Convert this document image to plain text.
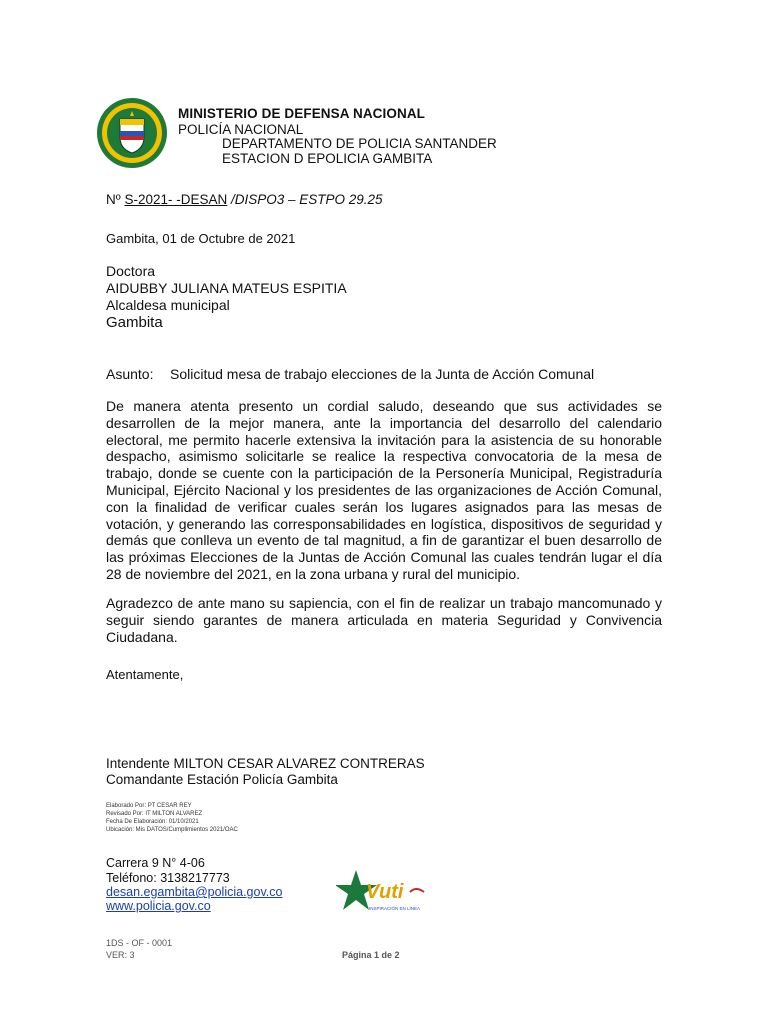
MINISTERIO DE DEFENSA NACIONAL
POLICÍA NACIONAL
DEPARTAMENTO DE POLICIA SANTANDER
ESTACION D EPOLICIA GAMBITA
Nº S-2021- -DESAN /DISPO3 – ESTPO 29.25
Gambita, 01 de Octubre de 2021
Doctora
AIDUBBY JULIANA MATEUS ESPITIA
Alcaldesa municipal
Gambita
Asunto: Solicitud mesa de trabajo elecciones de la Junta de Acción Comunal

De manera atenta presento un cordial saludo, deseando que sus actividades se desarrollen de la mejor manera, ante la importancia del desarrollo del calendario electoral, me permito hacerle extensiva la invitación para la asistencia de su honorable despacho, asimismo solicitarle se realice la respectiva convocatoria de la mesa de trabajo, donde se cuente con la participación de la Personería Municipal, Registraduría Municipal, Ejército Nacional y los presidentes de las organizaciones de Acción Comunal, con la finalidad de verificar cuales serán los lugares asignados para las mesas de votación, y generando las corresponsabilidades en logística, dispositivos de seguridad y demás que conlleva un evento de tal magnitud, a fin de garantizar el buen desarrollo de las próximas Elecciones de la Juntas de Acción Comunal las cuales tendrán lugar el día 28 de noviembre del 2021, en la zona urbana y rural del municipio.

Agradezco de ante mano su sapiencia, con el fin de realizar un trabajo mancomunado y seguir siendo garantes de manera articulada en materia Seguridad y Convivencia Ciudadana.

Atentamente,
Intendente MILTON CESAR ALVAREZ CONTRERAS
Comandante Estación Policía Gambita
Elaborado Por: PT CESAR REY
Revisado Por: IT MILTON ALVAREZ
Fecha De Elaboración: 01/10/2021
Ubicación: Mis DATOS/Cumplimientos 2021/OAC
Carrera 9 N° 4-06
Teléfono: 3138217773
desan.egambita@policia.gov.co
www.policia.gov.co
Vuti
INSPIRACIÓN EN LÍNEA
1DS - OF - 0001
VER: 3	Página 1 de 2
